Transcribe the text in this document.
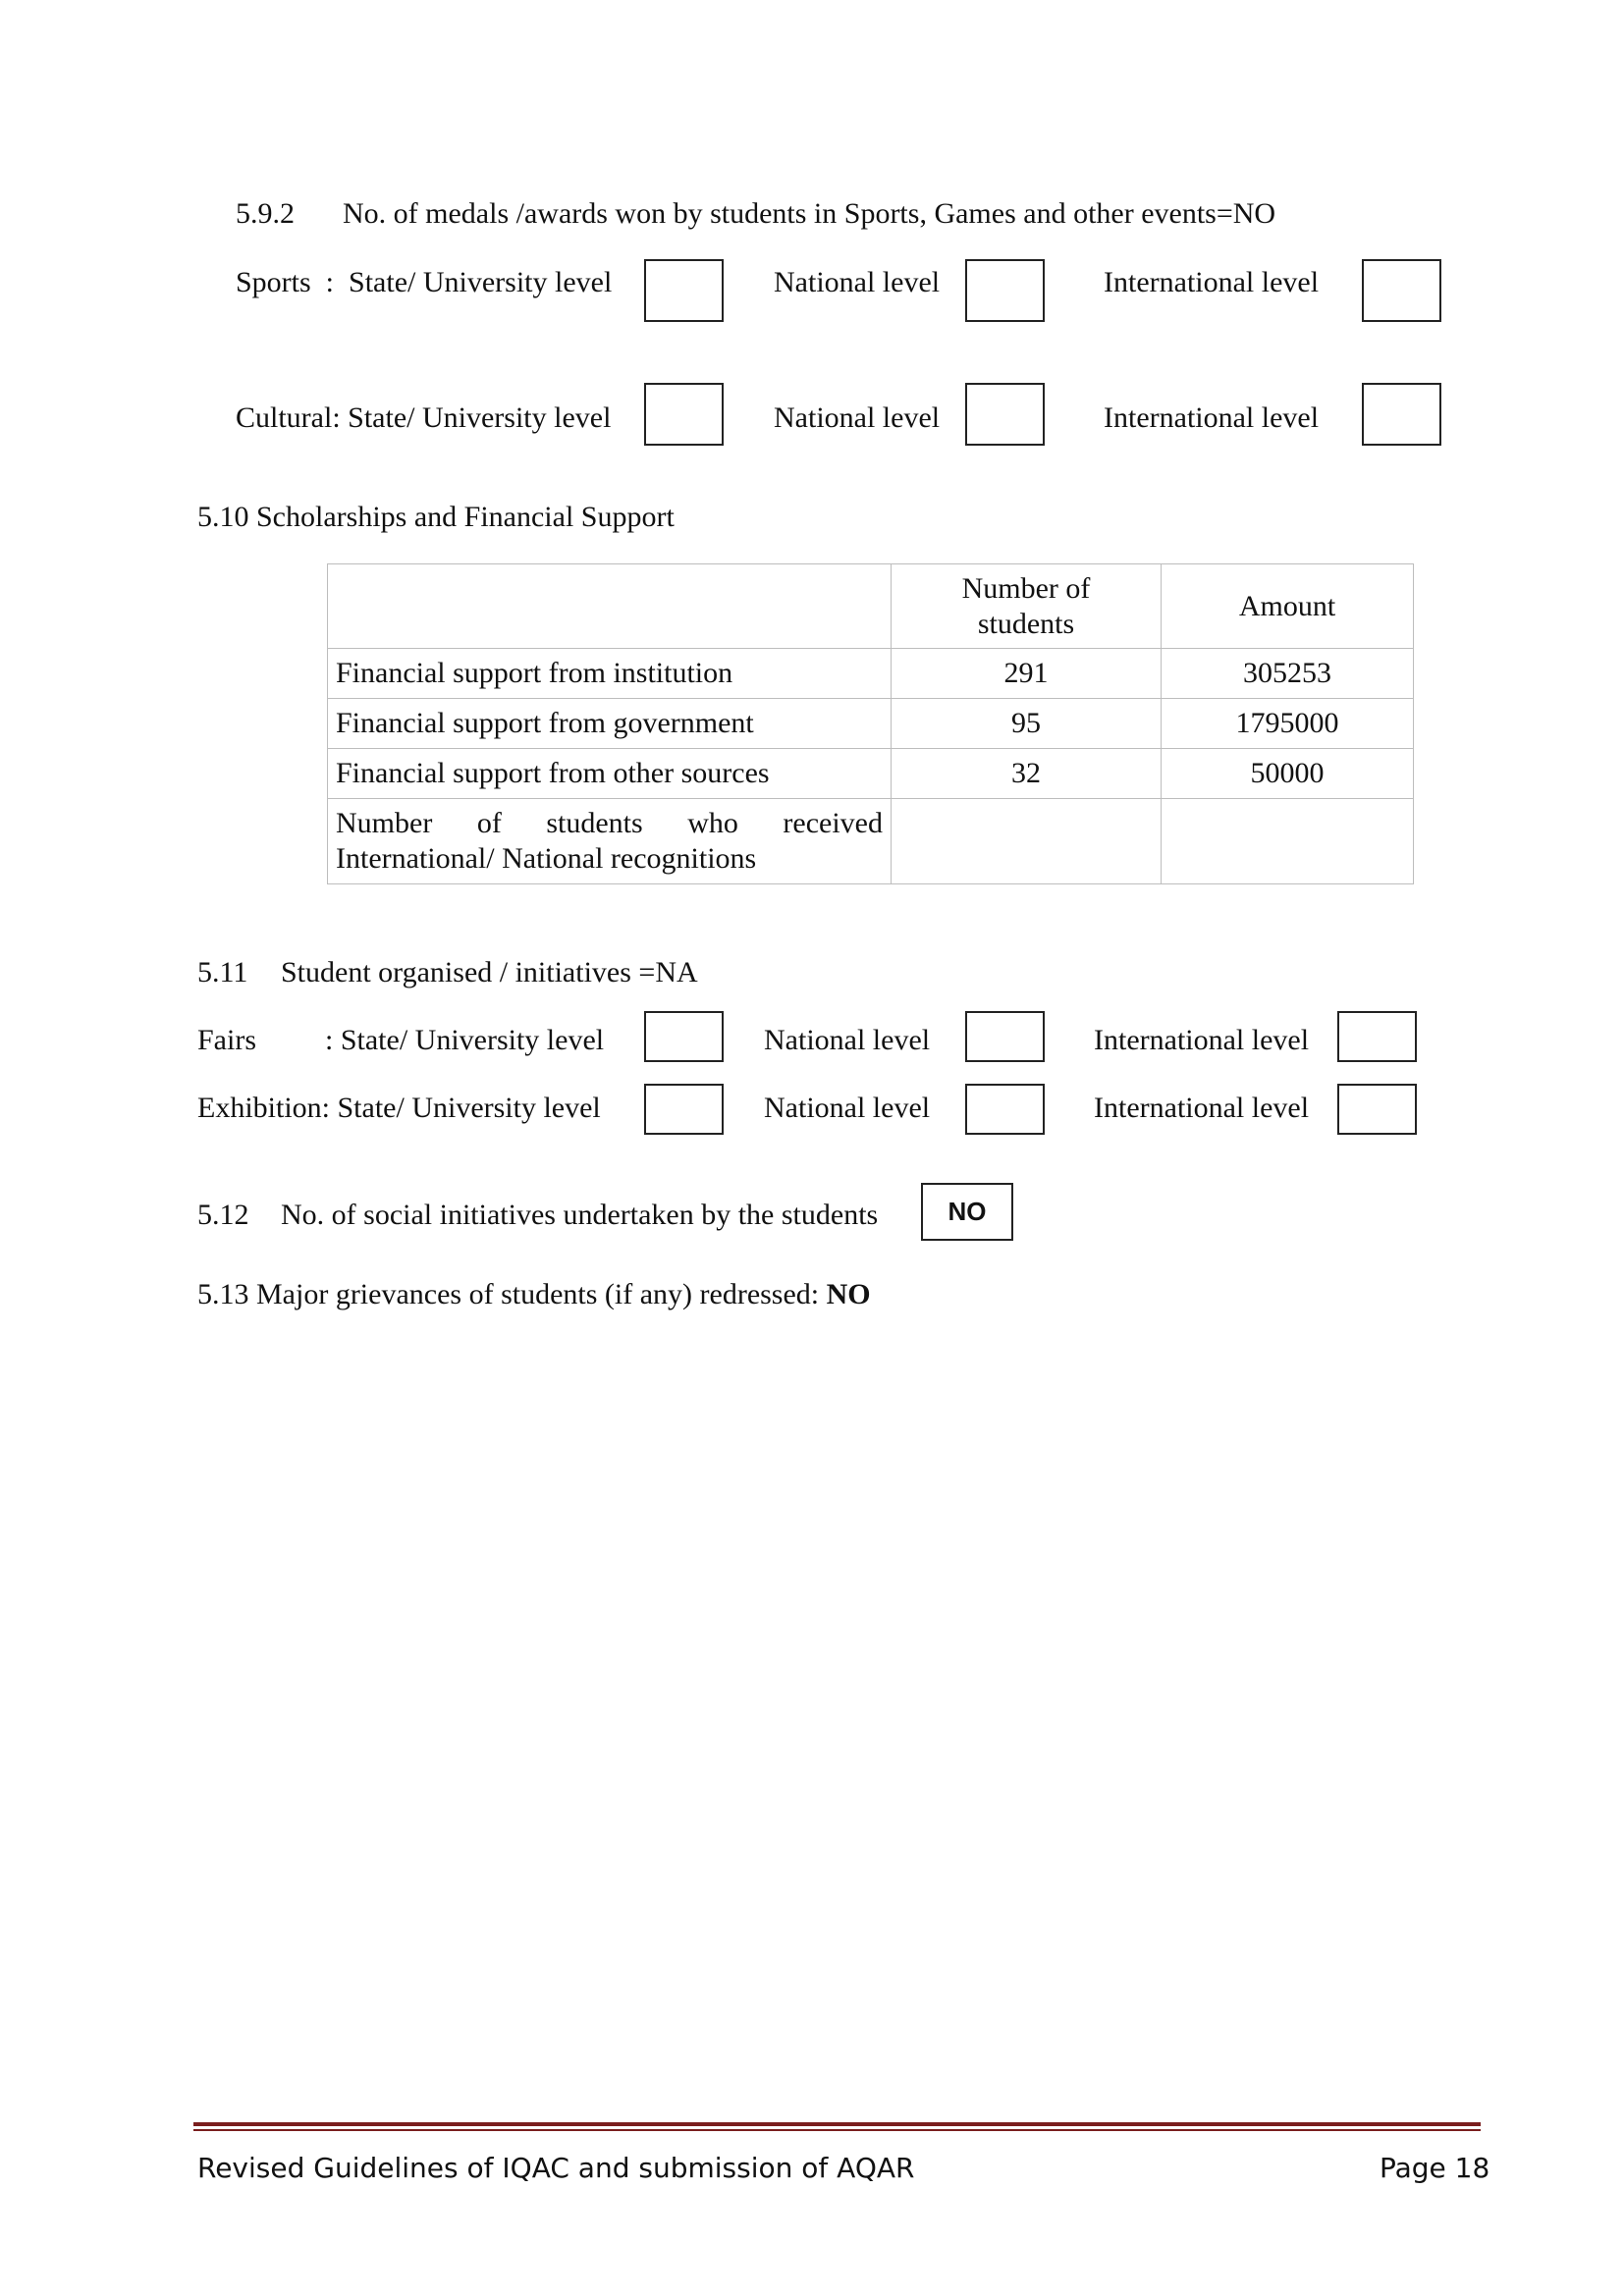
5.9.2 No. of medals /awards won by students in Sports, Games and other events=NO
Sports  :  State/ University level	National level	International level
Cultural: State/ University level	National level	International level
5.10 Scholarships and Financial Support

	Number of students	Amount
Financial support from institution	291	305253
Financial support from government	95	1795000
Financial support from other sources	32	50000

Number of students who received International/ National recognitions		

5.11 Student organised / initiatives =NA
Fairs : State/ University level	National level	International level
Exhibition: State/ University level	National level	International level
5.12 No. of social initiatives undertaken by the students	NO
5.13 Major grievances of students (if any) redressed: NO
Revised Guidelines of IQAC and submission of AQAR	Page 18
